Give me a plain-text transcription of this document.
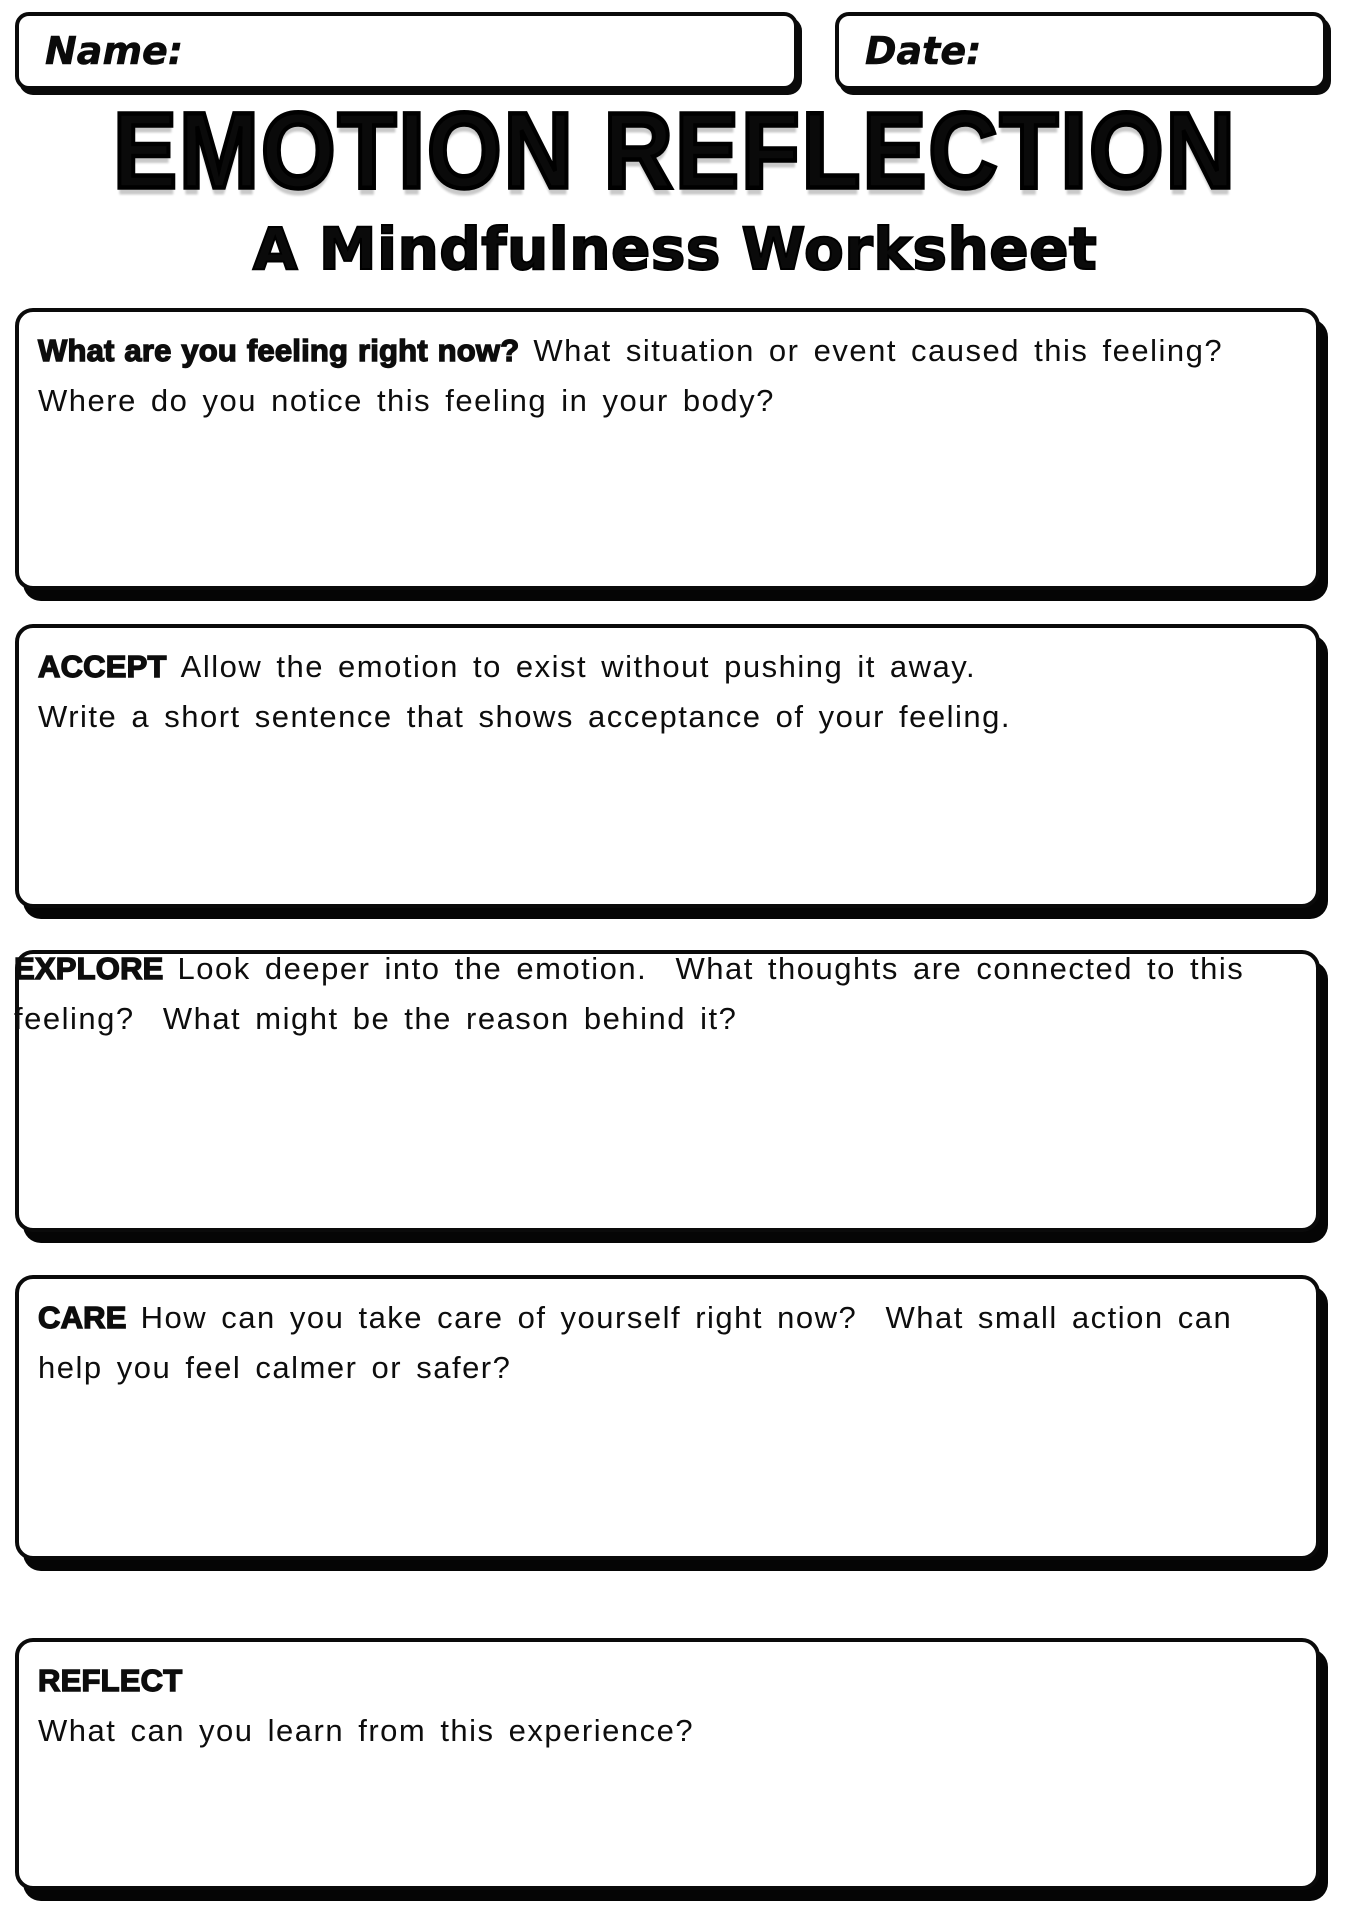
Name:	Date:
EMOTION REFLECTION
A Mindfulness Worksheet
What are you feeling right now? What situation or event caused this feeling?
Where do you notice this feeling in your body?
ACCEPT Allow the emotion to exist without pushing it away.
Write a short sentence that shows acceptance of your feeling.
EXPLORE Look deeper into the emotion.  What thoughts are connected to this
feeling?  What might be the reason behind it?
CARE How can you take care of yourself right now?  What small action can
help you feel calmer or safer?
REFLECT
What can you learn from this experience?
